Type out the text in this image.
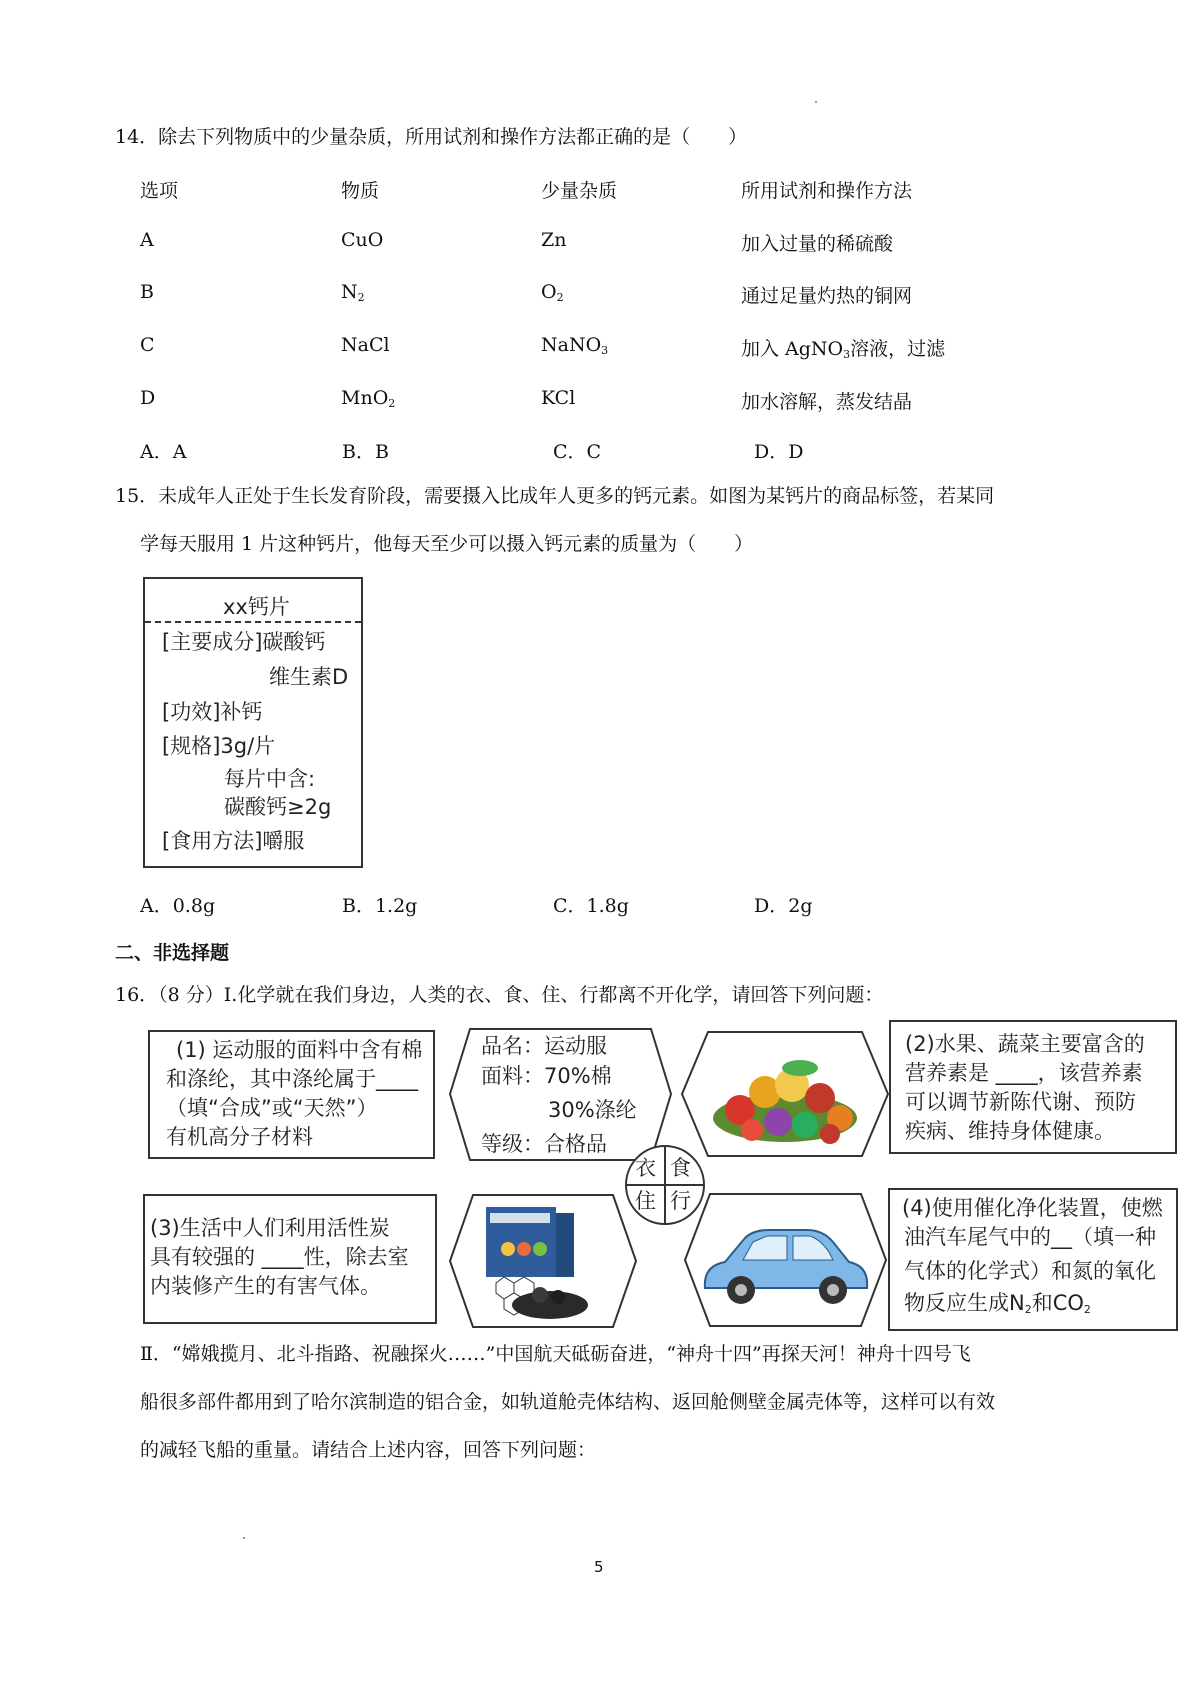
14．除去下列物质中的少量杂质，所用试剂和操作方法都正确的是（　　）
选项	物质	少量杂质	所用试剂和操作方法
A	CuO	Zn	加入过量的稀硫酸
B	$N_2$	$O_2$	通过足量灼热的铜网
C	NaCl	NaNO$_3$	加入 AgNO$_3$溶液，过滤
D	MnO$_2$	KCl	加水溶解，蒸发结晶
A．A	B．B	C．C	D．D
15．未成年人正处于生长发育阶段，需要摄入比成年人更多的钙元素。如图为某钙片的商品标签，若某同
学每天服用 1 片这种钙片，他每天至少可以摄入钙元素的质量为（　　）
xx钙片
[主要成分]碳酸钙
维生素D
[功效]补钙
[规格]3g/片
每片中含:
碳酸钙≥2g
[食用方法]嚼服
A．0.8g	B．1.2g	C．1.8g	D．2g
二、非选择题
16．（8 分）Ⅰ.化学就在我们身边，人类的衣、食、住、行都离不开化学，请回答下列问题：
(1) 运动服的面料中含有棉
和涤纶，其中涤纶属于____
（填“合成”或“天然”）
有机高分子材料
品名：运动服
面料：70%棉
30%涤纶
等级：合格品
(2)水果、蔬菜主要富含的
营养素是 ____，该营养素
可以调节新陈代谢、预防
疾病、维持身体健康。
衣 食
住 行
(3)生活中人们利用活性炭
具有较强的 ____性，除去室
内装修产生的有害气体。
(4)使用催化净化装置，使燃
油汽车尾气中的__（填一种
气体的化学式）和氮的氧化
物反应生成$N_2$和$CO_2$
Ⅱ．“嫦娥揽月、北斗指路、祝融探火……”中国航天砥砺奋进，“神舟十四”再探天河！神舟十四号飞
船很多部件都用到了哈尔滨制造的铝合金，如轨道舱壳体结构、返回舱侧壁金属壳体等，这样可以有效
的减轻飞船的重量。请结合上述内容，回答下列问题：
5
